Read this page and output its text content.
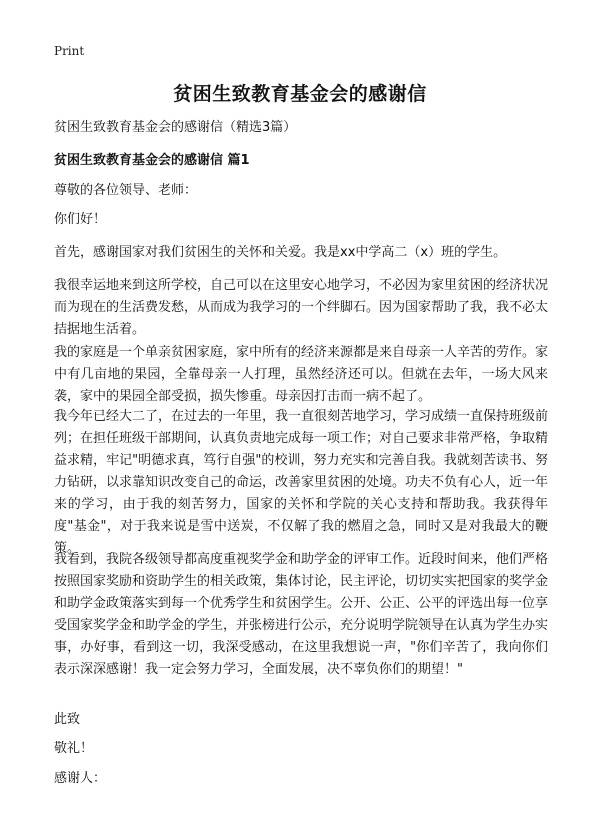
Print
贫困生致教育基金会的感谢信

贫困生致教育基金会的感谢信（精选3篇）

贫困生致教育基金会的感谢信 篇1

尊敬的各位领导、老师：

你们好！

首先，感谢国家对我们贫困生的关怀和关爱。我是xx中学高二（x）班的学生。

我很幸运地来到这所学校，自己可以在这里安心地学习，不必因为家里贫困的经济状况而为现在的生活费发愁，从而成为我学习的一个绊脚石。因为国家帮助了我，我不必太拮据地生活着。

我的家庭是一个单亲贫困家庭，家中所有的经济来源都是来自母亲一人辛苦的劳作。家中有几亩地的果园，全靠母亲一人打理，虽然经济还可以。但就在去年，一场大风来袭，家中的果园全部受损，损失惨重。母亲因打击而一病不起了。

我今年已经大二了，在过去的一年里，我一直很刻苦地学习，学习成绩一直保持班级前列；在担任班级干部期间，认真负责地完成每一项工作；对自己要求非常严格，争取精益求精，牢记"明德求真，笃行自强"的校训，努力充实和完善自我。我就刻苦读书、努力钻研，以求靠知识改变自己的命运，改善家里贫困的处境。功夫不负有心人，近一年来的学习，由于我的刻苦努力，国家的关怀和学院的关心支持和帮助我。我获得年度"基金"，对于我来说是雪中送炭，不仅解了我的燃眉之急，同时又是对我最大的鞭策。

我看到，我院各级领导都高度重视奖学金和助学金的评审工作。近段时间来，他们严格按照国家奖励和资助学生的相关政策，集体讨论，民主评论，切切实实把国家的奖学金和助学金政策落实到每一个优秀学生和贫困学生。公开、公正、公平的评选出每一位享受国家奖学金和助学金的学生，并张榜进行公示，充分说明学院领导在认真为学生办实事，办好事，看到这一切，我深受感动，在这里我想说一声，"你们辛苦了，我向你们表示深深感谢！我一定会努力学习，全面发展，决不辜负你们的期望！"

此致

敬礼！

感谢人：
